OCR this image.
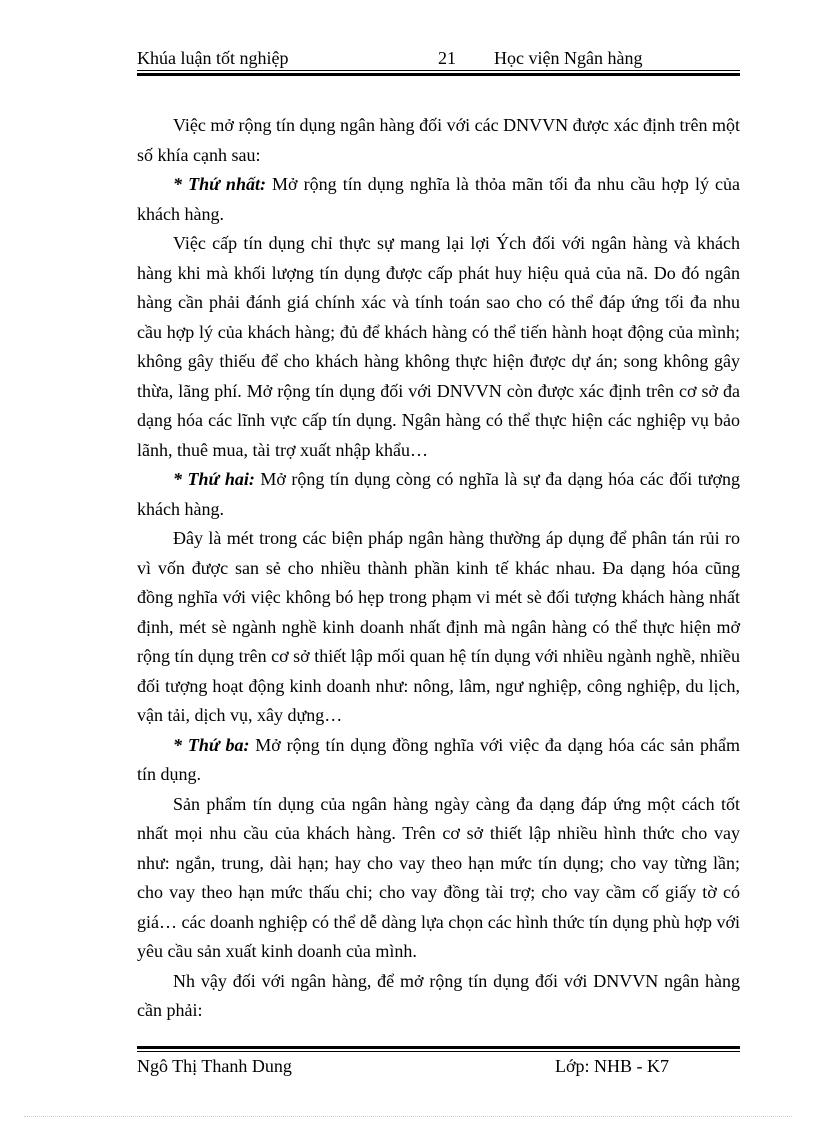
Khúa luận tốt nghiệp	21 Học viện Ngân hàng

Việc mở rộng tín dụng ngân hàng đối với các DNVVN được xác định trên một số khía cạnh sau:

* Thứ nhất: Mở rộng tín dụng nghĩa là thỏa mãn tối đa nhu cầu hợp lý của khách hàng.

Việc cấp tín dụng chỉ thực sự mang lại lợi Ých đối với ngân hàng và khách hàng khi mà khối lượng tín dụng được cấp phát huy hiệu quả của nã. Do đó ngân hàng cần phải đánh giá chính xác và tính toán sao cho có thể đáp ứng tối đa nhu cầu hợp lý của khách hàng; đủ để khách hàng có thể tiến hành hoạt động của mình; không gây thiếu để cho khách hàng không thực hiện được dự án; song không gây thừa, lãng phí. Mở rộng tín dụng đối với DNVVN còn được xác định trên cơ sở đa dạng hóa các lĩnh vực cấp tín dụng. Ngân hàng có thể thực hiện các nghiệp vụ bảo lãnh, thuê mua, tài trợ xuất nhập khẩu…

* Thứ hai: Mở rộng tín dụng còng có nghĩa là sự đa dạng hóa các đối tượng khách hàng.

Đây là mét trong các biện pháp ngân hàng thường áp dụng để phân tán rủi ro vì vốn được san sẻ cho nhiều thành phần kinh tế khác nhau. Đa dạng hóa cũng đồng nghĩa với việc không bó hẹp trong phạm vi mét sè đối tượng khách hàng nhất định, mét sè ngành nghề kinh doanh nhất định mà ngân hàng có thể thực hiện mở rộng tín dụng trên cơ sở thiết lập mối quan hệ tín dụng với nhiều ngành nghề, nhiều đối tượng hoạt động kinh doanh như: nông, lâm, ngư nghiệp, công nghiệp, du lịch, vận tải, dịch vụ, xây dựng…

* Thứ ba: Mở rộng tín dụng đồng nghĩa với việc đa dạng hóa các sản phẩm tín dụng.

Sản phẩm tín dụng của ngân hàng ngày càng đa dạng đáp ứng một cách tốt nhất mọi nhu cầu của khách hàng. Trên cơ sở thiết lập nhiều hình thức cho vay như: ngắn, trung, dài hạn; hay cho vay theo hạn mức tín dụng; cho vay từng lần; cho vay theo hạn mức thấu chi; cho vay đồng tài trợ; cho vay cầm cố giấy tờ có giá… các doanh nghiệp có thể dễ dàng lựa chọn các hình thức tín dụng phù hợp với yêu cầu sản xuất kinh doanh của mình.

Nh vậy đối với ngân hàng, để mở rộng tín dụng đối với DNVVN ngân hàng cần phải:

Ngô Thị Thanh Dung	Lớp: NHB - K7
